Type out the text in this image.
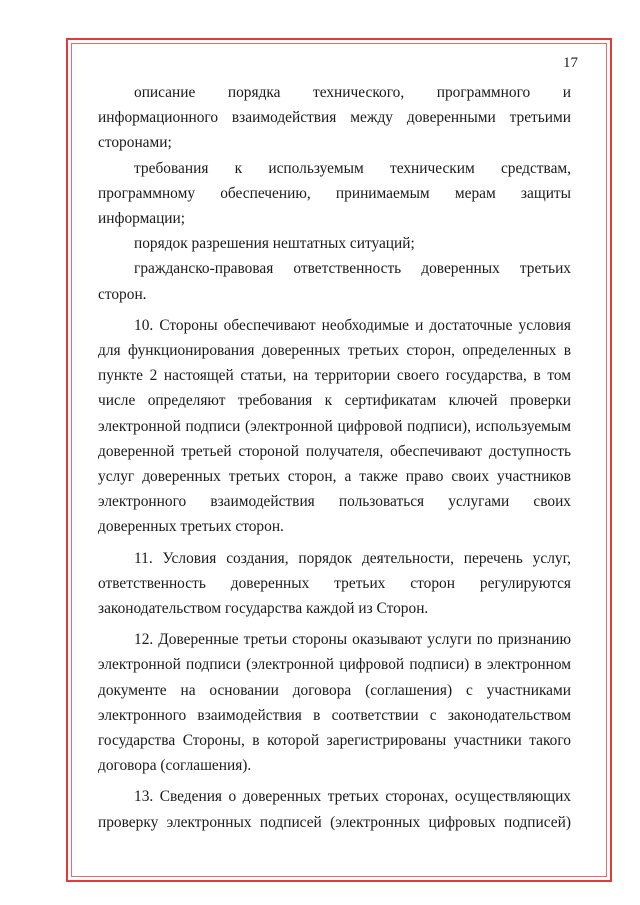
17

описание порядка технического, программного и информационного взаимодействия между доверенными третьими сторонами;

требования к используемым техническим средствам, программному обеспечению, принимаемым мерам защиты информации;

порядок разрешения нештатных ситуаций;

гражданско-правовая ответственность доверенных третьих сторон.

10. Стороны обеспечивают необходимые и достаточные условия для функционирования доверенных третьих сторон, определенных в пункте 2 настоящей статьи, на территории своего государства, в том числе определяют требования к сертификатам ключей проверки электронной подписи (электронной цифровой подписи), используемым доверенной третьей стороной получателя, обеспечивают доступность услуг доверенных третьих сторон, а также право своих участников электронного взаимодействия пользоваться услугами своих доверенных третьих сторон.

11. Условия создания, порядок деятельности, перечень услуг, ответственность доверенных третьих сторон регулируются законодательством государства каждой из Сторон.

12. Доверенные третьи стороны оказывают услуги по признанию электронной подписи (электронной цифровой подписи) в электронном документе на основании договора (соглашения) с участниками электронного взаимодействия в соответствии с законодательством государства Стороны, в которой зарегистрированы участники такого договора (соглашения).

13. Сведения о доверенных третьих сторонах, осуществляющих проверку электронных подписей (электронных цифровых подписей)
